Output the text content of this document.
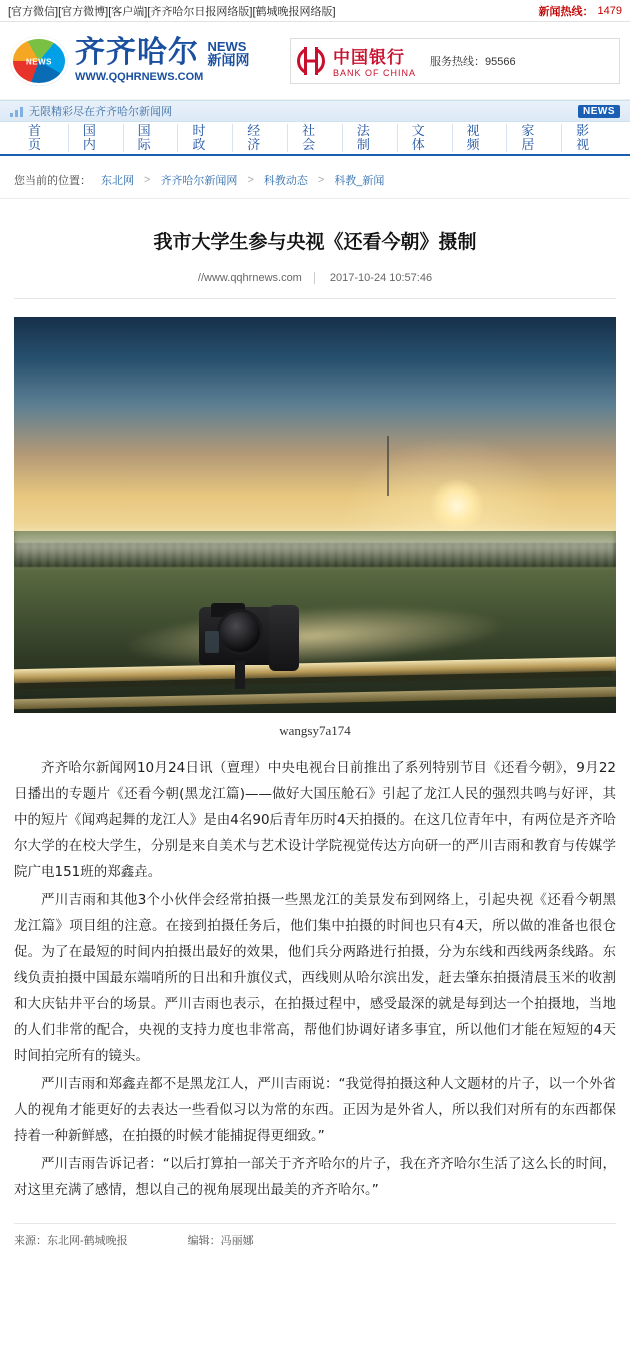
[官方微信] [官方微博] [客户端] [齐齐哈尔日报网络版] [鹤城晚报网络版]	新闻热线： 1479
NEWS
齐齐哈尔 NEWS
新闻网
WWW.QQHRNEWS.COM
中国银行
BANK OF CHINA
服务热线：95566
无限精彩尽在齐齐哈尔新闻网	NEWS
首页
国内
国际
时政
经济
社会
法制
文体
视频
家居
影视
您当前的位置： 东北网 > 齐齐哈尔新闻网 > 科教动态 > 科教_新闻
我市大学生参与央视《还看今朝》摄制
//www.qqhrnews.com	2017-10-24 10:57:46
wangsy7a174

齐齐哈尔新闻网10月24日讯（亶理）中央电视台日前推出了系列特别节目《还看今朝》，9月22日播出的专题片《还看今朝(黑龙江篇)——做好大国压舱石》引起了龙江人民的强烈共鸣与好评，其中的短片《闻鸡起舞的龙江人》是由4名90后青年历时4天拍摄的。在这几位青年中，有两位是齐齐哈尔大学的在校大学生，分别是来自美术与艺术设计学院视觉传达方向研一的严川吉雨和教育与传媒学院广电151班的郑鑫垚。

严川吉雨和其他3个小伙伴会经常拍摄一些黑龙江的美景发布到网络上，引起央视《还看今朝黑龙江篇》项目组的注意。在接到拍摄任务后，他们集中拍摄的时间也只有4天，所以做的准备也很仓促。为了在最短的时间内拍摄出最好的效果，他们兵分两路进行拍摄，分为东线和西线两条线路。东线负责拍摄中国最东端哨所的日出和升旗仪式，西线则从哈尔滨出发，赶去肇东拍摄清晨玉米的收割和大庆钻井平台的场景。严川吉雨也表示，在拍摄过程中，感受最深的就是每到达一个拍摄地，当地的人们非常的配合，央视的支持力度也非常高，帮他们协调好诸多事宜，所以他们才能在短短的4天时间拍完所有的镜头。

严川吉雨和郑鑫垚都不是黑龙江人，严川吉雨说：“我觉得拍摄这种人文题材的片子，以一个外省人的视角才能更好的去表达一些看似习以为常的东西。正因为是外省人，所以我们对所有的东西都保持着一种新鲜感，在拍摄的时候才能捕捉得更细致。”

严川吉雨告诉记者：“以后打算拍一部关于齐齐哈尔的片子，我在齐齐哈尔生活了这么长的时间，对这里充满了感情，想以自己的视角展现出最美的齐齐哈尔。”

来源：东北网-鹤城晚报	编辑：冯丽娜
